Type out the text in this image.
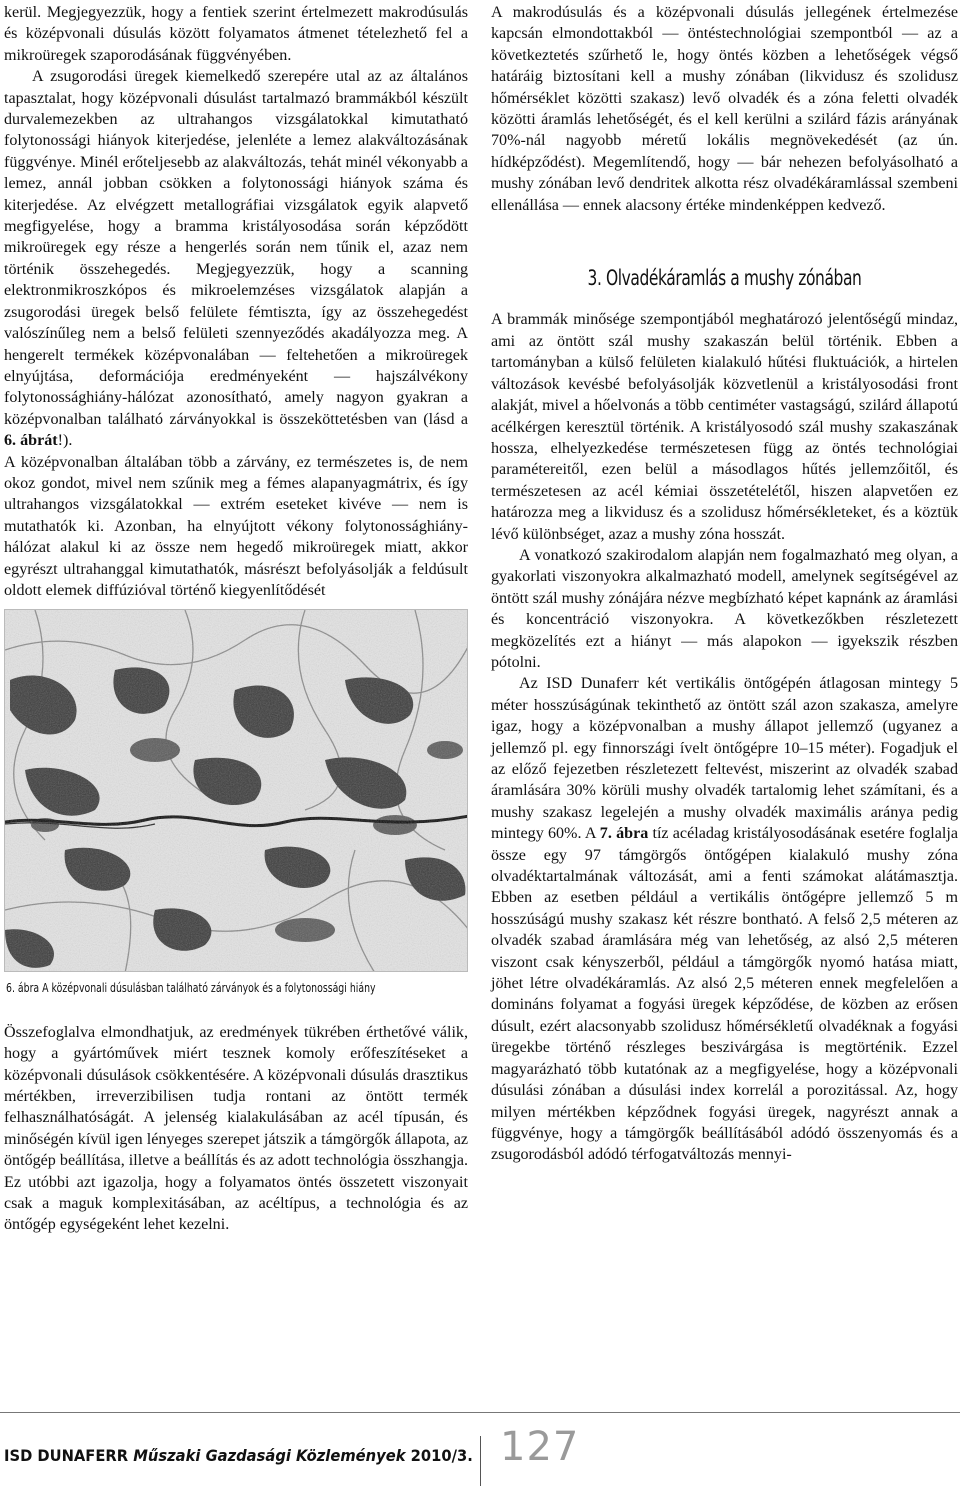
kerül. Megjegyezzük, hogy a fentiek szerint értelmezett makrodúsulás és középvonali dúsulás között folyamatos átmenet tételezhető fel a mikroüregek szaporodásának függvényében.

A zsugorodási üregek kiemelkedő szerepére utal az az általános tapasztalat, hogy középvonali dúsulást tartalmazó brammákból készült durvalemezekben az ultrahangos vizsgálatokkal kimutatható folytonossági hiányok kiterjedése, jelenléte a lemez alakváltozásának függvénye. Minél erőteljesebb az alakváltozás, tehát minél vékonyabb a lemez, annál jobban csökken a folytonossági hiányok száma és kiterjedése. Az elvégzett metallográfiai vizsgálatok egyik alapvető megfigyelése, hogy a bramma kristályosodása során képződött mikroüregek egy része a hengerlés során nem tűnik el, azaz nem történik összehegedés. Megjegyezzük, hogy a scanning elektronmikroszkópos és mikroelemzéses vizsgálatok alapján a zsugorodási üregek belső felülete fémtiszta, így az összehegedést valószínűleg nem a belső felületi szennyeződés akadályozza meg. A hengerelt termékek középvonalában — feltehetően a mikroüregek elnyújtása, deformációja eredményeként — hajszálvékony folytonossághiány-hálózat azonosítható, amely nagyon gyakran a középvonalban található zárványokkal is összeköttetésben van (lásd a 6. ábrát!).

A középvonalban általában több a zárvány, ez természetes is, de nem okoz gondot, mivel nem szűnik meg a fémes alapanyagmátrix, és így ultrahangos vizsgálatokkal — extrém eseteket kivéve — nem is mutathatók ki. Azonban, ha elnyújtott vékony folytonossághiány-hálózat alakul ki az össze nem hegedő mikroüregek miatt, akkor egyrészt ultrahanggal kimutathatók, másrészt befolyásolják a feldúsult oldott elemek diffúzióval történő kiegyenlítődését

6. ábra A középvonali dúsulásban található zárványok és a folytonossági hiány

Összefoglalva elmondhatjuk, az eredmények tükrében érthetővé válik, hogy a gyártóművek miért tesznek komoly erőfeszítéseket a középvonali dúsulások csökkentésére. A középvonali dúsulás drasztikus mértékben, irreverzibilisen tudja rontani az öntött termék felhasználhatóságát. A jelenség kialakulásában az acél típusán, és minőségén kívül igen lényeges szerepet játszik a támgörgők állapota, az öntőgép beállítása, illetve a beállítás és az adott technológia összhangja. Ez utóbbi azt igazolja, hogy a folyamatos öntés összetett viszonyait csak a maguk komplexitásában, az acéltípus, a technológia és az öntőgép egységeként lehet kezelni.

A makrodúsulás és a középvonali dúsulás jellegének értelmezése kapcsán elmondottakból — öntéstechnológiai szempontból — az a következtetés szűrhető le, hogy öntés közben a lehetőségek végső határáig biztosítani kell a mushy zónában (likvidusz és szolidusz hőmérséklet közötti szakasz) levő olvadék és a zóna feletti olvadék közötti áramlás lehetőségét, és el kell kerülni a szilárd fázis arányának 70%-nál nagyobb méretű lokális megnövekedését (az ún. hídképződést). Megemlítendő, hogy — bár nehezen befolyásolható a mushy zónában levő dendritek alkotta rész olvadékáramlással szembeni ellenállása — ennek alacsony értéke mindenképpen kedvező.

3. Olvadékáramlás a mushy zónában

A brammák minősége szempontjából meghatározó jelentőségű mindaz, ami az öntött szál mushy szakaszán belül történik. Ebben a tartományban a külső felületen kialakuló hűtési fluktuációk, a hirtelen változások kevésbé befolyásolják közvetlenül a kristályosodási front alakját, mivel a hőelvonás a több centiméter vastagságú, szilárd állapotú acélkérgen keresztül történik. A kristályosodó szál mushy szakaszának hossza, elhelyezkedése természetesen függ az öntés technológiai paramétereitől, ezen belül a másodlagos hűtés jellemzőitől, és természetesen az acél kémiai összetételétől, hiszen alapvetően ez határozza meg a likvidusz és a szolidusz hőmérsékleteket, és a köztük lévő különbséget, azaz a mushy zóna hosszát.

A vonatkozó szakirodalom alapján nem fogalmazható meg olyan, a gyakorlati viszonyokra alkalmazható modell, amelynek segítségével az öntött szál mushy zónájára nézve megbízható képet kapnánk az áramlási és koncentráció viszonyokra. A következőkben részletezett megközelítés ezt a hiányt — más alapokon — igyekszik részben pótolni.

Az ISD Dunaferr két vertikális öntőgépén átlagosan mintegy 5 méter hosszúságúnak tekinthető az öntött szál azon szakasza, amelyre igaz, hogy a középvonalban a mushy állapot jellemző (ugyanez a jellemző pl. egy finnországi ívelt öntőgépre 10–15 méter). Fogadjuk el az előző fejezetben részletezett feltevést, miszerint az olvadék szabad áramlására 30% körüli mushy olvadék tartalomig lehet számítani, és a mushy szakasz legelején a mushy olvadék maximális aránya pedig mintegy 60%. A 7. ábra tíz acéladag kristályosodásának esetére foglalja össze egy 97 támgörgős öntőgépen kialakuló mushy zóna olvadéktartalmának változását, ami a fenti számokat alátámasztja. Ebben az esetben például a vertikális öntőgépre jellemző 5 m hosszúságú mushy szakasz két részre bontható. A felső 2,5 méteren az olvadék szabad áramlására még van lehetőség, az alsó 2,5 méteren viszont csak kényszerből, például a támgörgők nyomó hatása miatt, jöhet létre olvadékáramlás. Az alsó 2,5 méteren ennek megfelelően a domináns folyamat a fogyási üregek képződése, de közben az erősen dúsult, ezért alacsonyabb szolidusz hőmérsékletű olvadéknak a fogyási üregekbe történő részleges beszivárgása is megtörténik. Ezzel magyarázható több kutatónak az a megfigyelése, hogy a középvonali dúsulási zónában a dúsulási index korrelál a porozitással. Az, hogy milyen mértékben képződnek fogyási üregek, nagyrészt annak a függvénye, hogy a támgörgők beállításából adódó összenyomás és a zsugorodásból adódó térfogatváltozás mennyi-

ISD DUNAFERR Műszaki Gazdasági Közlemények 2010/3. 127
